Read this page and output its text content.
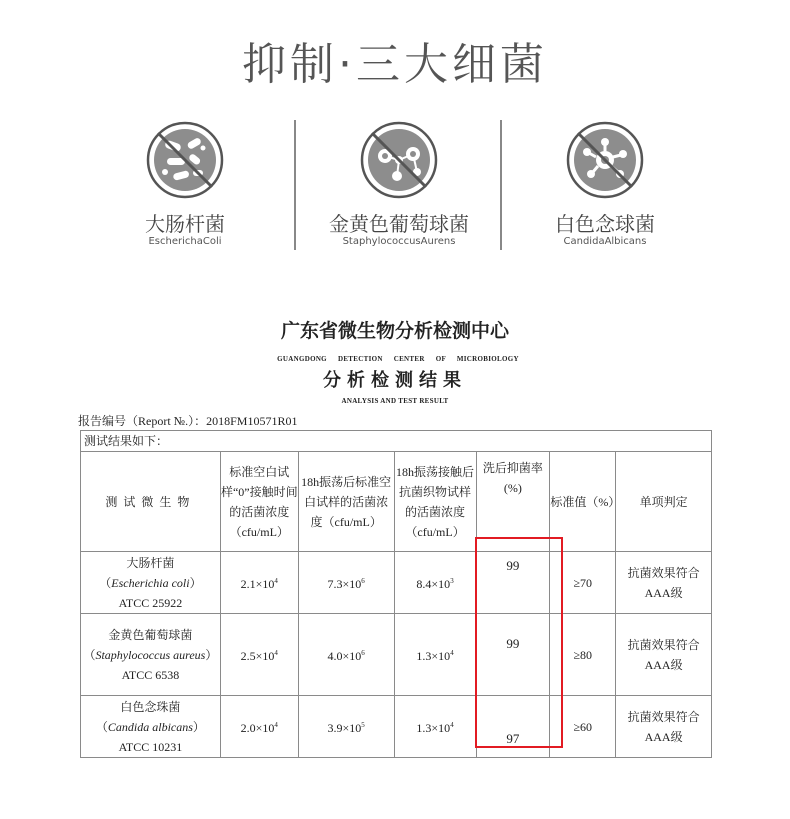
抑制·三大细菌
大肠杆菌
EscherichaColi
金黄色葡萄球菌
StaphylococcusAurens
白色念球菌
CandidaAlbicans
广东省微生物分析检测中心
GUANGDONG DETECTION CENTER OF MICROBIOLOGY
分析检测结果
ANALYSIS AND TEST RESULT
报告编号（Report №.）：2018FM10571R01
测试结果如下：						
测试微生物	标准空白试样“0”接触时间的活菌浓度（cfu/mL）	18h振荡后标准空白试样的活菌浓度（cfu/mL）	18h振荡接触后抗菌织物试样的活菌浓度（cfu/mL）	洗后抑菌率(%)	标准值（%）	单项判定

大肠杆菌
（Escherichia coli）
ATCC 25922	$2.1\times 10^4$	$7.3\times 10^6$	$8.4\times 10^3$	99	≥70	抗菌效果符合AAA级

金黄色葡萄球菌
（Staphylococcus aureus）
ATCC 6538	$2.5\times 10^4$	$4.0\times 10^6$	$1.3\times 10^4$	99	≥80	抗菌效果符合AAA级

白色念珠菌
（Candida albicans）
ATCC 10231	$2.0\times 10^4$	$3.9\times 10^5$	$1.3\times 10^4$	97	≥60	抗菌效果符合AAA级
